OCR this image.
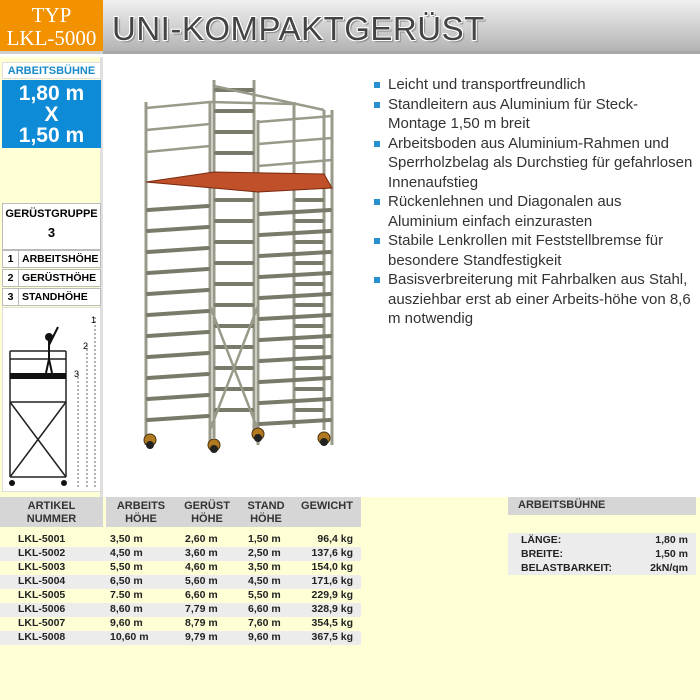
TYP
LKL-5000 UNI-KOMPAKTGERÜST
ARBEITSBÜHNE
1,80 m
X
1,50 m
GERÜSTGRUPPE
3
1 ARBEITSHÖHE
2 GERÜSTHÖHE
3 STANDHÖHE
1
2
3
Leicht und transportfreundlich
Standleitern aus Aluminium für Steck-Montage 1,50 m breit
Arbeitsboden aus Aluminium-Rahmen und Sperrholzbelag als Durchstieg für gefahrlosen Innenaufstieg
Rückenlehnen und Diagonalen aus Aluminium einfach einzurasten
Stabile Lenkrollen mit Feststellbremse für besondere Standfestigkeit
Basisverbreiterung mit Fahrbalken aus Stahl, ausziehbar erst ab einer Arbeits-höhe von 8,6 m notwendig
ARTIKEL
NUMMER
ARBEITS
HÖHE
GERÜST
HÖHE
STAND
HÖHE
GEWICHT
LKL-5001	3,50 m	2,60 m	1,50 m	96,4 kg
LKL-5002	4,50 m	3,60 m	2,50 m	137,6 kg
LKL-5003	5,50 m	4,60 m	3,50 m	154,0 kg
LKL-5004	6,50 m	5,60 m	4,50 m	171,6 kg
LKL-5005	7.50 m	6,60 m	5,50 m	229,9 kg
LKL-5006	8,60 m	7,79 m	6,60 m	328,9 kg
LKL-5007	9,60 m	8,79 m	7,60 m	354,5 kg
LKL-5008	10,60 m	9,79 m	9,60 m	367,5 kg
ARBEITSBÜHNE
LÄNGE:	1,80 m
BREITE:	1,50 m
BELASTBARKEIT:	2kN/qm
